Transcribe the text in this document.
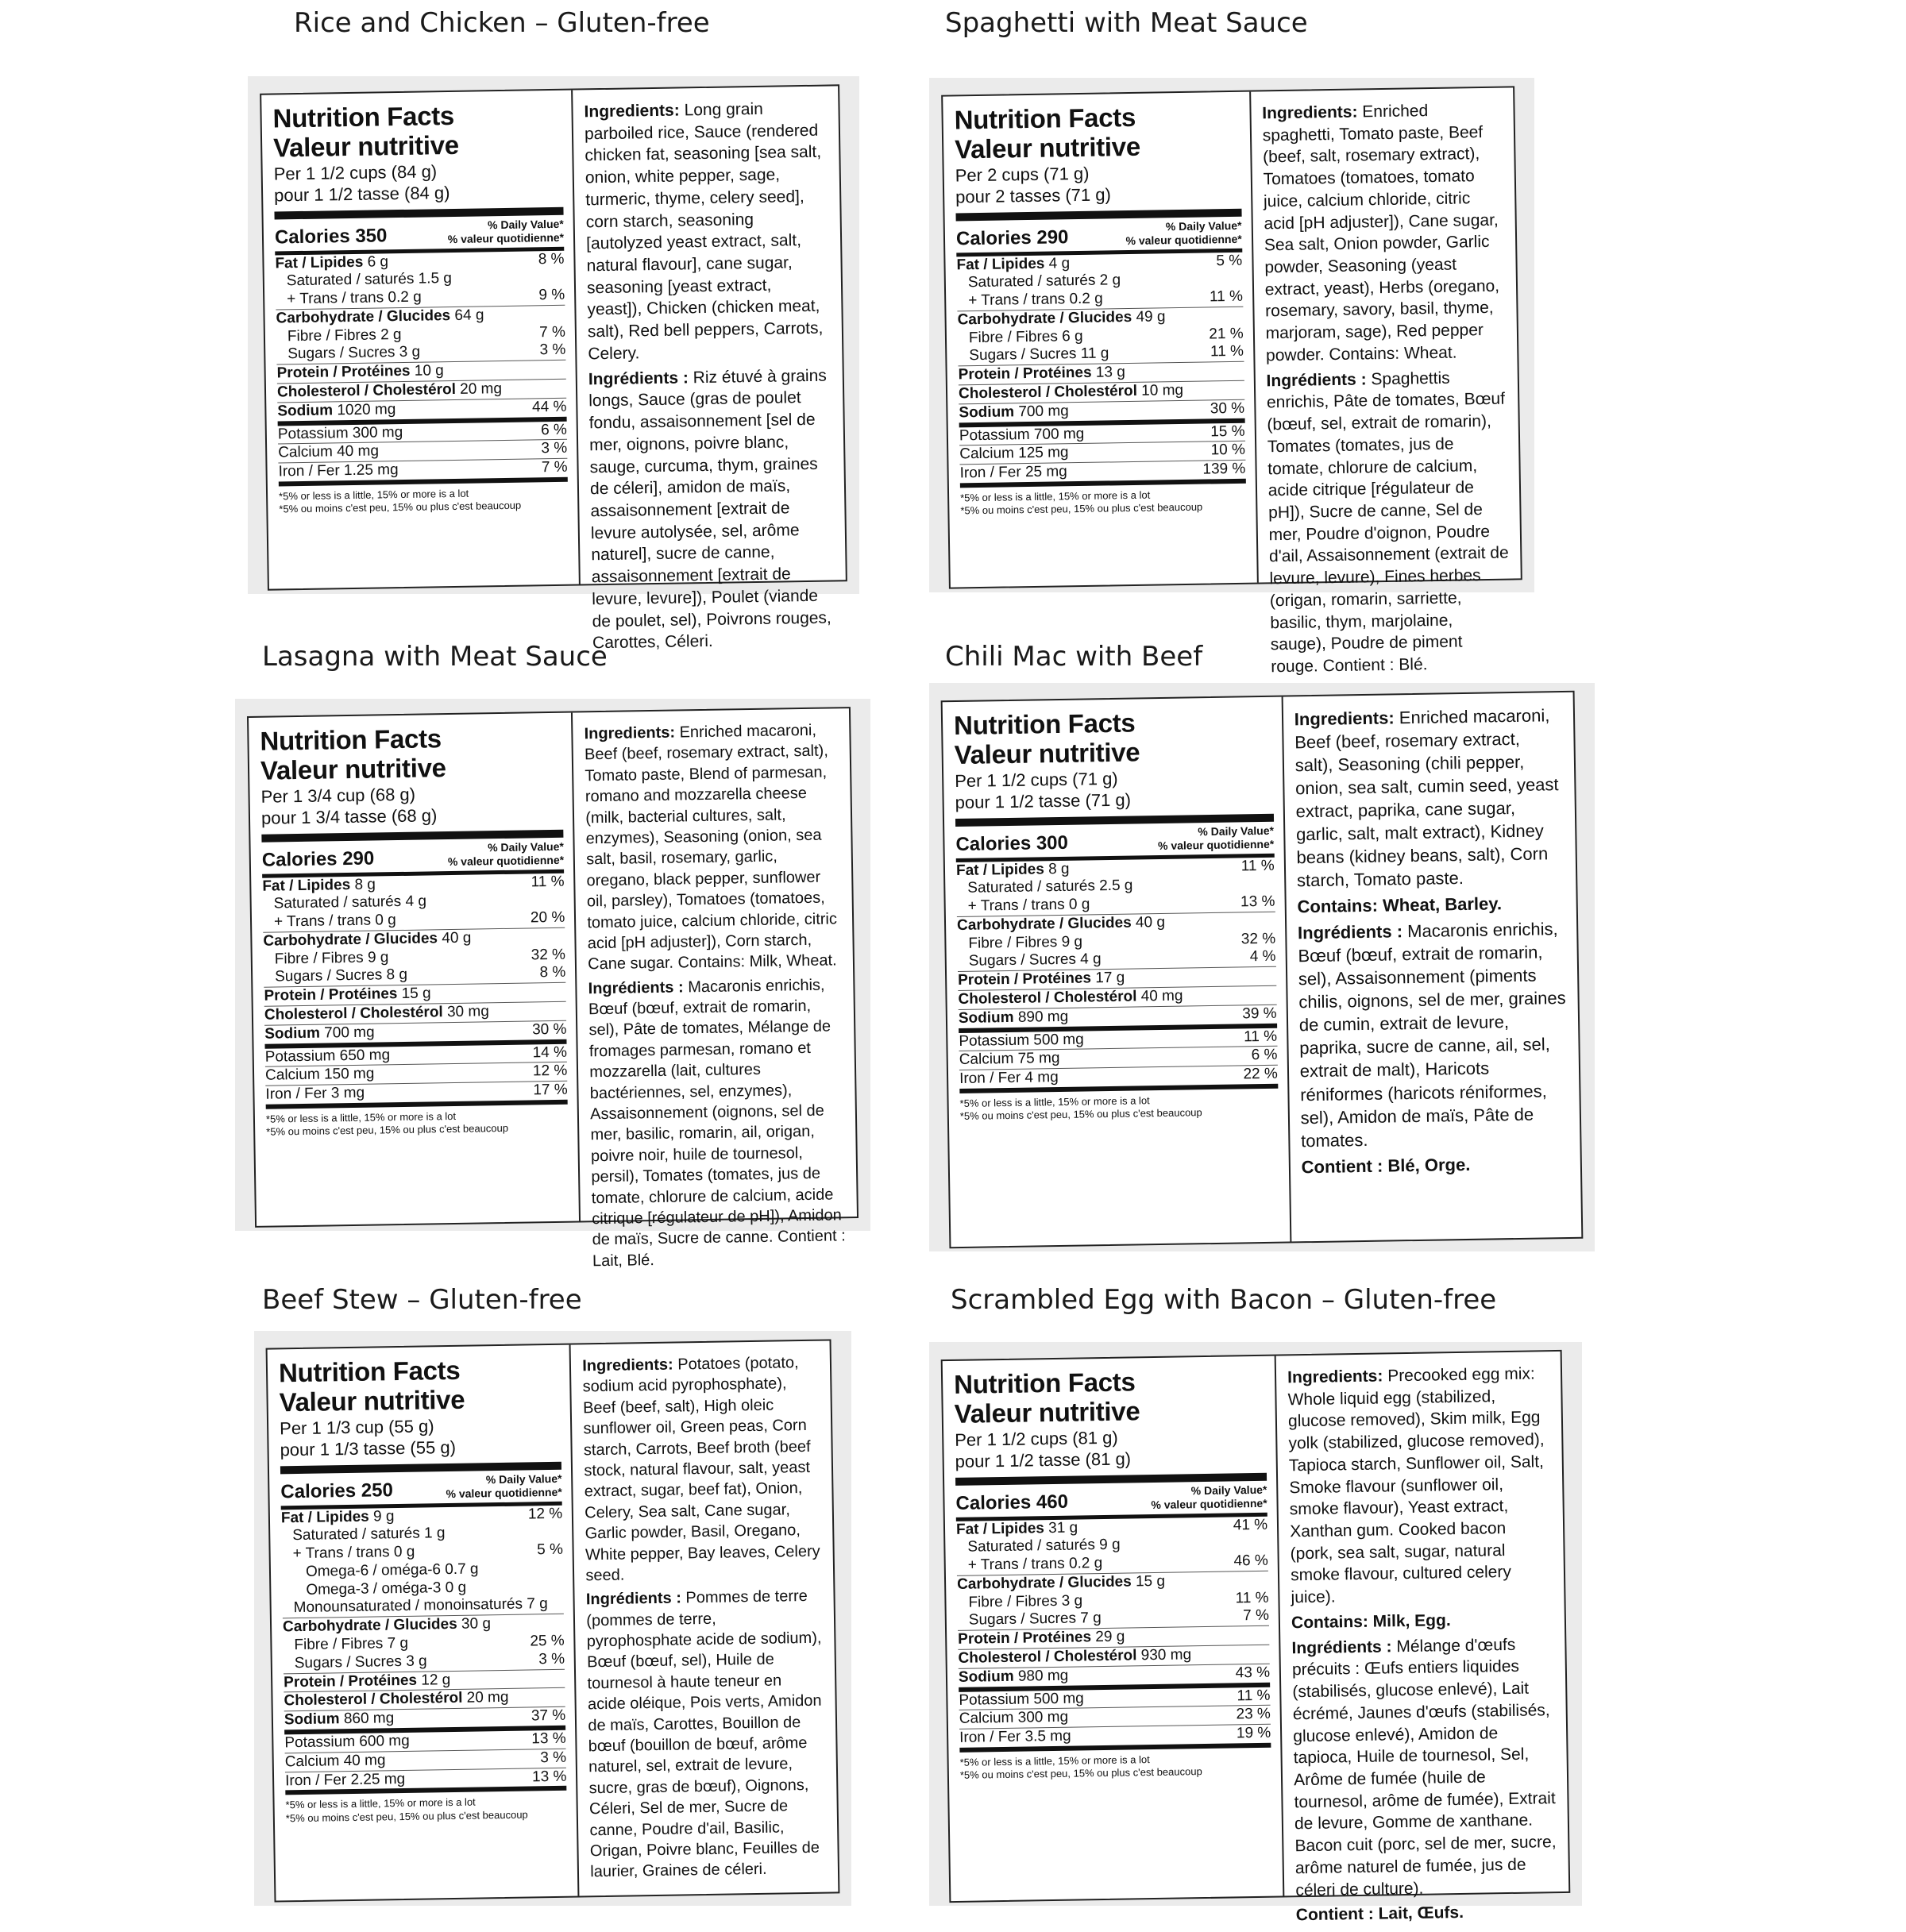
Rice and Chicken – Gluten-free
Nutrition Facts
Valeur nutritive
Per 1 1/2 cups (84 g)
pour 1 1/2 tasse (84 g)
Calories 350
% Daily Value*
% valeur quotidienne*
Fat / Lipides 6 g	8 %
Saturated / saturés 1.5 g
+ Trans / trans 0.2 g	9 %
Carbohydrate / Glucides 64 g
Fibre / Fibres 2 g	7 %
Sugars / Sucres 3 g	3 %
Protein / Protéines 10 g
Cholesterol / Cholestérol 20 mg
Sodium 1020 mg	44 %
Potassium 300 mg	6 %
Calcium 40 mg	3 %
Iron / Fer 1.25 mg	7 %
*5% or less is a little, 15% or more is a lot
*5% ou moins c'est peu, 15% ou plus c'est beaucoup

Ingredients: Long grain parboiled rice, Sauce (rendered chicken fat, seasoning [sea salt, onion, white pepper, sage, turmeric, thyme, celery seed], corn starch, seasoning [autolyzed yeast extract, salt, natural flavour], cane sugar, seasoning [yeast extract, yeast]), Chicken (chicken meat, salt), Red bell peppers, Carrots, Celery.

Ingrédients : Riz étuvé à grains longs, Sauce (gras de poulet fondu, assaisonnement [sel de mer, oignons, poivre blanc, sauge, curcuma, thym, graines de céleri], amidon de maïs, assaisonnement [extrait de levure autolysée, sel, arôme naturel], sucre de canne, assaisonnement [extrait de levure, levure]), Poulet (viande de poulet, sel), Poivrons rouges, Carottes, Céleri.

Spaghetti with Meat Sauce
Nutrition Facts
Valeur nutritive
Per 2 cups (71 g)
pour 2 tasses (71 g)
Calories 290
% Daily Value*
% valeur quotidienne*
Fat / Lipides 4 g	5 %
Saturated / saturés 2 g
+ Trans / trans 0.2 g	11 %
Carbohydrate / Glucides 49 g
Fibre / Fibres 6 g	21 %
Sugars / Sucres 11 g	11 %
Protein / Protéines 13 g
Cholesterol / Cholestérol 10 mg
Sodium 700 mg	30 %
Potassium 700 mg	15 %
Calcium 125 mg	10 %
Iron / Fer 25 mg	139 %
*5% or less is a little, 15% or more is a lot
*5% ou moins c'est peu, 15% ou plus c'est beaucoup

Ingredients: Enriched spaghetti, Tomato paste, Beef (beef, salt, rosemary extract), Tomatoes (tomatoes, tomato juice, calcium chloride, citric acid [pH adjuster]), Cane sugar, Sea salt, Onion powder, Garlic powder, Seasoning (yeast extract, yeast), Herbs (oregano, rosemary, savory, basil, thyme, marjoram, sage), Red pepper powder. Contains: Wheat.

Ingrédients : Spaghettis enrichis, Pâte de tomates, Bœuf (bœuf, sel, extrait de romarin), Tomates (tomates, jus de tomate, chlorure de calcium, acide citrique [régulateur de pH]), Sucre de canne, Sel de mer, Poudre d'oignon, Poudre d'ail, Assaisonnement (extrait de levure, levure), Fines herbes (origan, romarin, sarriette, basilic, thym, marjolaine, sauge), Poudre de piment rouge. Contient : Blé.

Lasagna with Meat Sauce
Nutrition Facts
Valeur nutritive
Per 1 3/4 cup (68 g)
pour 1 3/4 tasse (68 g)
Calories 290
% Daily Value*
% valeur quotidienne*
Fat / Lipides 8 g	11 %
Saturated / saturés 4 g
+ Trans / trans 0 g	20 %
Carbohydrate / Glucides 40 g
Fibre / Fibres 9 g	32 %
Sugars / Sucres 8 g	8 %
Protein / Protéines 15 g
Cholesterol / Cholestérol 30 mg
Sodium 700 mg	30 %
Potassium 650 mg	14 %
Calcium 150 mg	12 %
Iron / Fer 3 mg	17 %
*5% or less is a little, 15% or more is a lot
*5% ou moins c'est peu, 15% ou plus c'est beaucoup

Ingredients: Enriched macaroni, Beef (beef, rosemary extract, salt), Tomato paste, Blend of parmesan, romano and mozzarella cheese (milk, bacterial cultures, salt, enzymes), Seasoning (onion, sea salt, basil, rosemary, garlic, oregano, black pepper, sunflower oil, parsley), Tomatoes (tomatoes, tomato juice, calcium chloride, citric acid [pH adjuster]), Corn starch, Cane sugar. Contains: Milk, Wheat.

Ingrédients : Macaronis enrichis, Bœuf (bœuf, extrait de romarin, sel), Pâte de tomates, Mélange de fromages parmesan, romano et mozzarella (lait, cultures bactériennes, sel, enzymes), Assaisonnement (oignons, sel de mer, basilic, romarin, ail, origan, poivre noir, huile de tournesol, persil), Tomates (tomates, jus de tomate, chlorure de calcium, acide citrique [régulateur de pH]), Amidon de maïs, Sucre de canne. Contient : Lait, Blé.

Chili Mac with Beef
Nutrition Facts
Valeur nutritive
Per 1 1/2 cups (71 g)
pour 1 1/2 tasse (71 g)
Calories 300
% Daily Value*
% valeur quotidienne*
Fat / Lipides 8 g	11 %
Saturated / saturés 2.5 g
+ Trans / trans 0 g	13 %
Carbohydrate / Glucides 40 g
Fibre / Fibres 9 g	32 %
Sugars / Sucres 4 g	4 %
Protein / Protéines 17 g
Cholesterol / Cholestérol 40 mg
Sodium 890 mg	39 %
Potassium 500 mg	11 %
Calcium 75 mg	6 %
Iron / Fer 4 mg	22 %
*5% or less is a little, 15% or more is a lot
*5% ou moins c'est peu, 15% ou plus c'est beaucoup

Ingredients: Enriched macaroni, Beef (beef, rosemary extract, salt), Seasoning (chili pepper, onion, sea salt, cumin seed, yeast extract, paprika, cane sugar, garlic, salt, malt extract), Kidney beans (kidney beans, salt), Corn starch, Tomato paste.

Contains: Wheat, Barley.

Ingrédients : Macaronis enrichis, Bœuf (bœuf, extrait de romarin, sel), Assaisonnement (piments chilis, oignons, sel de mer, graines de cumin, extrait de levure, paprika, sucre de canne, ail, sel, extrait de malt), Haricots réniformes (haricots réniformes, sel), Amidon de maïs, Pâte de tomates.

Contient : Blé, Orge.

Beef Stew – Gluten-free
Nutrition Facts
Valeur nutritive
Per 1 1/3 cup (55 g)
pour 1 1/3 tasse (55 g)
Calories 250
% Daily Value*
% valeur quotidienne*
Fat / Lipides 9 g	12 %
Saturated / saturés 1 g
+ Trans / trans 0 g	5 %
Omega-6 / oméga-6 0.7 g
Omega-3 / oméga-3 0 g
Monounsaturated / monoinsaturés 7 g
Carbohydrate / Glucides 30 g
Fibre / Fibres 7 g	25 %
Sugars / Sucres 3 g	3 %
Protein / Protéines 12 g
Cholesterol / Cholestérol 20 mg
Sodium 860 mg	37 %
Potassium 600 mg	13 %
Calcium 40 mg	3 %
Iron / Fer 2.25 mg	13 %
*5% or less is a little, 15% or more is a lot
*5% ou moins c'est peu, 15% ou plus c'est beaucoup

Ingredients: Potatoes (potato, sodium acid pyrophosphate), Beef (beef, salt), High oleic sunflower oil, Green peas, Corn starch, Carrots, Beef broth (beef stock, natural flavour, salt, yeast extract, sugar, beef fat), Onion, Celery, Sea salt, Cane sugar, Garlic powder, Basil, Oregano, White pepper, Bay leaves, Celery seed.

Ingrédients : Pommes de terre (pommes de terre, pyrophosphate acide de sodium), Bœuf (bœuf, sel), Huile de tournesol à haute teneur en acide oléique, Pois verts, Amidon de maïs, Carottes, Bouillon de bœuf (bouillon de bœuf, arôme naturel, sel, extrait de levure, sucre, gras de bœuf), Oignons, Céleri, Sel de mer, Sucre de canne, Poudre d'ail, Basilic, Origan, Poivre blanc, Feuilles de laurier, Graines de céleri.

Scrambled Egg with Bacon – Gluten-free
Nutrition Facts
Valeur nutritive
Per 1 1/2 cups (81 g)
pour 1 1/2 tasse (81 g)
Calories 460
% Daily Value*
% valeur quotidienne*
Fat / Lipides 31 g	41 %
Saturated / saturés 9 g
+ Trans / trans 0.2 g	46 %
Carbohydrate / Glucides 15 g
Fibre / Fibres 3 g	11 %
Sugars / Sucres 7 g	7 %
Protein / Protéines 29 g
Cholesterol / Cholestérol 930 mg
Sodium 980 mg	43 %
Potassium 500 mg	11 %
Calcium 300 mg	23 %
Iron / Fer 3.5 mg	19 %
*5% or less is a little, 15% or more is a lot
*5% ou moins c'est peu, 15% ou plus c'est beaucoup

Ingredients: Precooked egg mix: Whole liquid egg (stabilized, glucose removed), Skim milk, Egg yolk (stabilized, glucose removed), Tapioca starch, Sunflower oil, Salt, Smoke flavour (sunflower oil, smoke flavour), Yeast extract, Xanthan gum. Cooked bacon (pork, sea salt, sugar, natural smoke flavour, cultured celery juice).

Contains: Milk, Egg.

Ingrédients : Mélange d'œufs précuits : Œufs entiers liquides (stabilisés, glucose enlevé), Lait écrémé, Jaunes d'œufs (stabilisés, glucose enlevé), Amidon de tapioca, Huile de tournesol, Sel, Arôme de fumée (huile de tournesol, arôme de fumée), Extrait de levure, Gomme de xanthane. Bacon cuit (porc, sel de mer, sucre, arôme naturel de fumée, jus de céleri de culture).

Contient : Lait, Œufs.
